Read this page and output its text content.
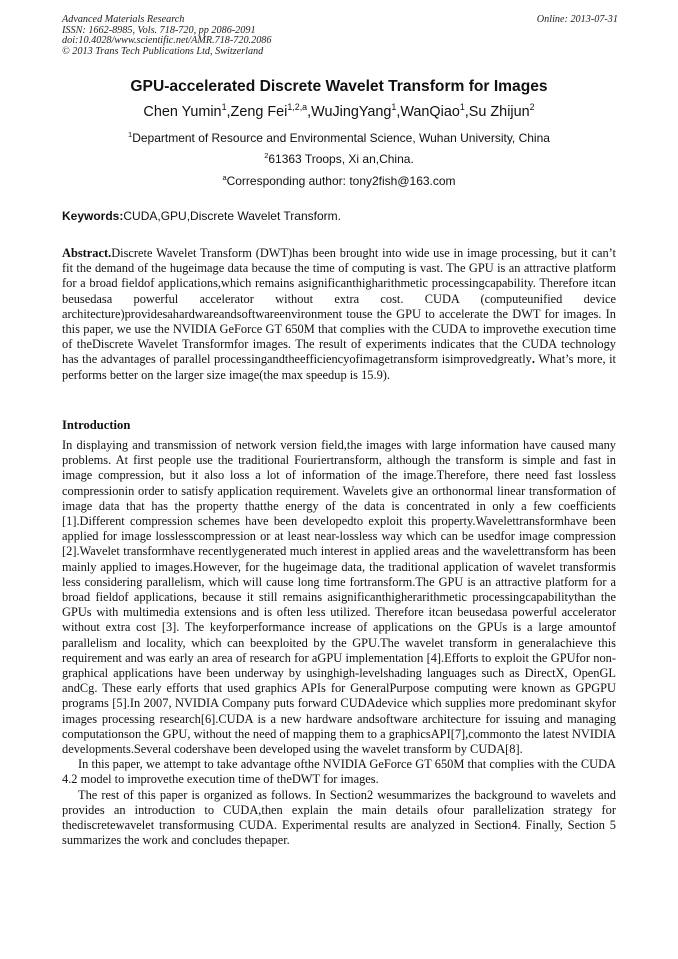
Advanced Materials Research
ISSN: 1662-8985, Vols. 718-720, pp 2086-2091
doi:10.4028/www.scientific.net/AMR.718-720.2086
© 2013 Trans Tech Publications Ltd, Switzerland
Online: 2013-07-31
GPU-accelerated Discrete Wavelet Transform for Images
Chen Yumin$^1$,Zeng Fei$^{1,2,a}$,WuJingYang$^1$,WanQiao$^1$,Su Zhijun$^2$
$^1$Department of Resource and Environmental Science, Wuhan University, China
$^2$61363 Troops, Xi an,China.
$^a$Corresponding author: tony2fish@163.com
Keywords:CUDA,GPU,Discrete Wavelet Transform.

Abstract.Discrete Wavelet Transform (DWT)has been brought into wide use in image processing, but it can’t fit the demand of the hugeimage data because the time of computing is vast. The GPU is an attractive platform for a broad fieldof applications,which remains asignificanthigharithmetic processingcapability. Therefore itcan beusedasa powerful accelerator without extra cost. CUDA (computeunified device architecture)providesahardwareandsoftwareenvironment touse the GPU to accelerate the DWT for images. In this paper, we use the NVIDIA GeForce GT 650M that complies with the CUDA to improvethe execution time of theDiscrete Wavelet Transformfor images. The result of experiments indicates that the CUDA technology has the advantages of parallel processingandtheefficiencyofimagetransform isimprovedgreatly. What’s more, it performs better on the larger size image(the max speedup is 15.9).

Introduction

In displaying and transmission of network version field,the images with large information have caused many problems. At first people use the traditional Fouriertransform, although the transform is simple and fast in image compression, but it also loss a lot of information of the image.Therefore, there need fast lossless compressionin order to satisfy application requirement. Wavelets give an orthonormal linear transformation of image data that has the property thatthe energy of the data is concentrated in only a few coefficients [1].Different compression schemes have been developedto exploit this property.Wavelettransformhave been applied for image losslesscompression or at least near-lossless way which can be usedfor image compression [2].Wavelet transformhave recentlygenerated much interest in applied areas and the wavelettransform has been mainly applied to images.However, for the hugeimage data, the traditional application of wavelet transformis less considering parallelism, which will cause long time fortransform.The GPU is an attractive platform for a broad fieldof applications, because it still remains asignificanthigherarithmetic processingcapabilitythan the GPUs with multimedia extensions and is often less utilized. Therefore itcan beusedasa powerful accelerator without extra cost [3]. The keyforperformance increase of applications on the GPUs is a large amountof parallelism and locality, which can beexploited by the GPU.The wavelet transform in generalachieve this requirement and was early an area of research for aGPU implementation [4].Efforts to exploit the GPUfor non-graphical applications have been underway by usinghigh-levelshading languages such as DirectX, OpenGL andCg. These early efforts that used graphics APIs for GeneralPurpose computing were known as GPGPU programs [5].In 2007, NVIDIA Company puts forward CUDAdevice which supplies more predominant skyfor images processing research[6].CUDA is a new hardware andsoftware architecture for issuing and managing computationson the GPU, without the need of mapping them to a graphicsAPI[7],commonto the latest NVIDIA developments.Several codershave been developed using the wavelet transform by CUDA[8].

In this paper, we attempt to take advantage ofthe NVIDIA GeForce GT 650M that complies with the CUDA 4.2 model to improvethe execution time of theDWT for images.

The rest of this paper is organized as follows. In Section2 wesummarizes the background to wavelets and provides an introduction to CUDA,then explain the main details ofour parallelization strategy for thediscretewavelet transformusing CUDA. Experimental results are analyzed in Section4. Finally, Section 5 summarizes the work and concludes thepaper.
